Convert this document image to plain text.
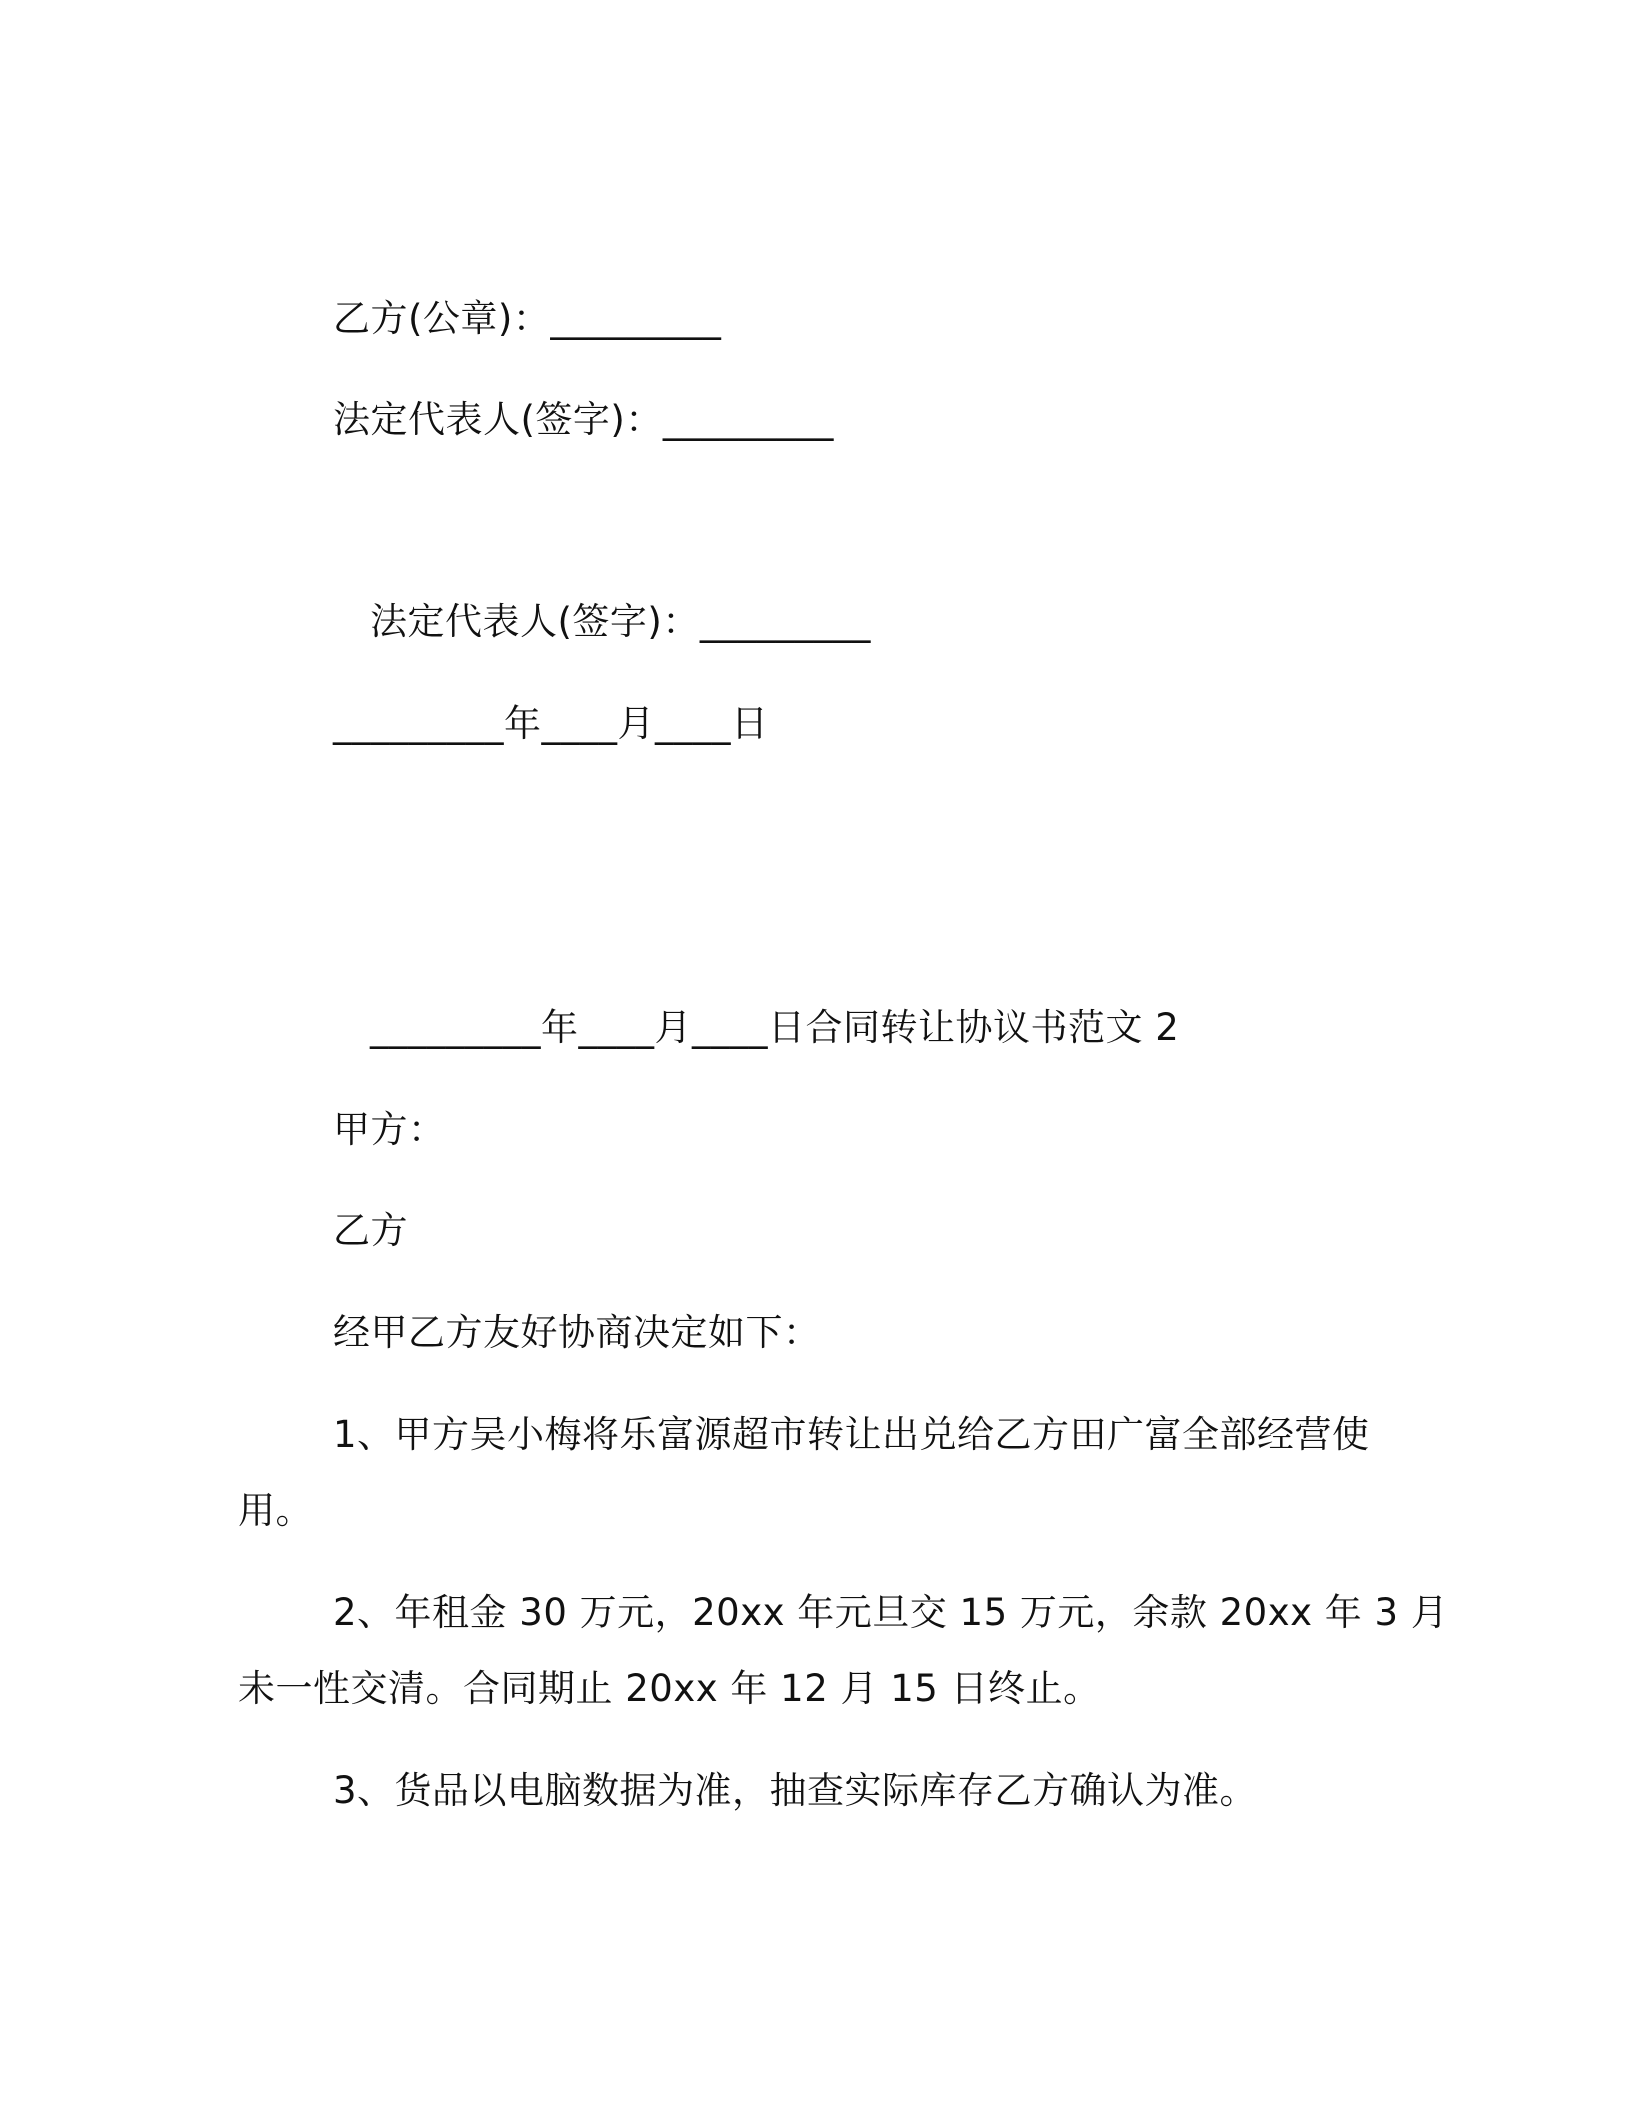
乙方(公章)：_________
法定代表人(签字)：_________
法定代表人(签字)：_________
_________年____月____日
_________年____月____日合同转让协议书范文 2
甲方：
乙方
经甲乙方友好协商决定如下：
1、甲方吴小梅将乐富源超市转让出兑给乙方田广富全部经营使
用。
2、年租金 30 万元，20xx 年元旦交 15 万元，余款 20xx 年 3 月
未一性交清。合同期止 20xx 年 12 月 15 日终止。
3、货品以电脑数据为准，抽查实际库存乙方确认为准。
